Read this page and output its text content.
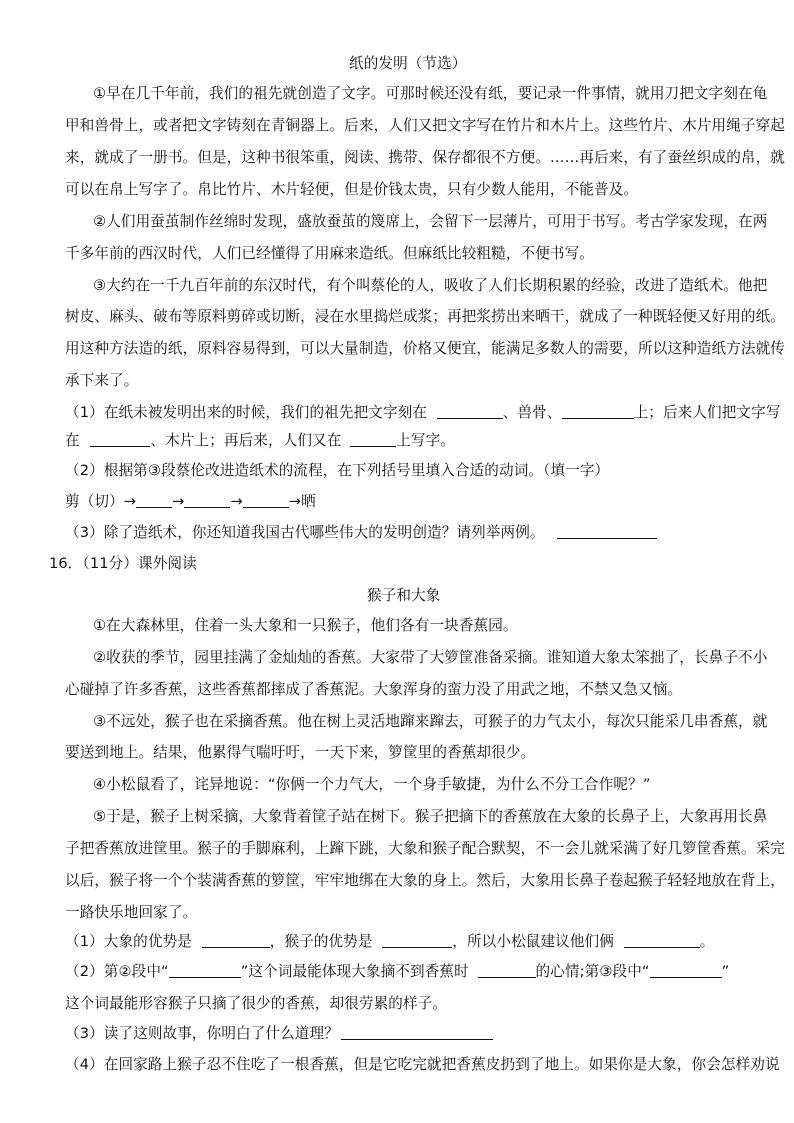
纸的发明（节选）
①早在几千年前，我们的祖先就创造了文字。可那时候还没有纸，要记录一件事情，就用刀把文字刻在龟
甲和兽骨上，或者把文字铸刻在青铜器上。后来，人们又把文字写在竹片和木片上。这些竹片、木片用绳子穿起
来，就成了一册书。但是，这种书很笨重，阅读、携带、保存都很不方便。……再后来，有了蚕丝织成的帛，就
可以在帛上写字了。帛比竹片、木片轻便，但是价钱太贵，只有少数人能用，不能普及。
②人们用蚕茧制作丝绵时发现，盛放蚕茧的篾席上，会留下一层薄片，可用于书写。考古学家发现，在两
千多年前的西汉时代，人们已经懂得了用麻来造纸。但麻纸比较粗糙，不便书写。
③大约在一千九百年前的东汉时代，有个叫蔡伦的人，吸收了人们长期积累的经验，改进了造纸术。他把
树皮、麻头、破布等原料剪碎或切断，浸在水里捣烂成浆；再把浆捞出来晒干，就成了一种既轻便又好用的纸。
用这种方法造的纸，原料容易得到，可以大量制造，价格又便宜，能满足多数人的需要，所以这种造纸方法就传
承下来了。
（1）在纸未被发明出来的时候，我们的祖先把文字刻在	、兽骨、	上；后来人们把文字写
在	、木片上；再后来，人们又在	上写字。
（2）根据第③段蔡伦改进造纸术的流程，在下列括号里填入合适的动词。（填一字）
剪（切）→ →	→	→晒
（3）除了造纸术，你还知道我国古代哪些伟大的发明创造？请列举两例。
16．（11分）课外阅读
猴子和大象
①在大森林里，住着一头大象和一只猴子，他们各有一块香蕉园。
②收获的季节，园里挂满了金灿灿的香蕉。大家带了大箩筐准备采摘。谁知道大象太笨拙了，长鼻子不小
心碰掉了许多香蕉，这些香蕉都摔成了香蕉泥。大象浑身的蛮力没了用武之地，不禁又急又恼。
③不远处，猴子也在采摘香蕉。他在树上灵活地蹿来蹿去，可猴子的力气太小，每次只能采几串香蕉，就
要送到地上。结果，他累得气喘吁吁，一天下来，箩筐里的香蕉却很少。
④小松鼠看了，诧异地说：“你俩一个力气大，一个身手敏捷，为什么不分工合作呢？”
⑤于是，猴子上树采摘，大象背着筐子站在树下。猴子把摘下的香蕉放在大象的长鼻子上，大象再用长鼻
子把香蕉放进筐里。猴子的手脚麻利，上蹿下跳，大象和猴子配合默契，不一会儿就采满了好几箩筐香蕉。采完
以后，猴子将一个个装满香蕉的箩筐，牢牢地绑在大象的身上。然后，大象用长鼻子卷起猴子轻轻地放在背上，
一路快乐地回家了。
（1）大象的优势是	，猴子的优势是	，所以小松鼠建议他们俩	。
（2）第②段中“	”这个词最能体现大象摘不到香蕉时	的心情;第③段中“	”
这个词最能形容猴子只摘了很少的香蕉，却很劳累的样子。
（3）读了这则故事，你明白了什么道理？
（4）在回家路上猴子忍不住吃了一根香蕉，但是它吃完就把香蕉皮扔到了地上。如果你是大象，你会怎样劝说
